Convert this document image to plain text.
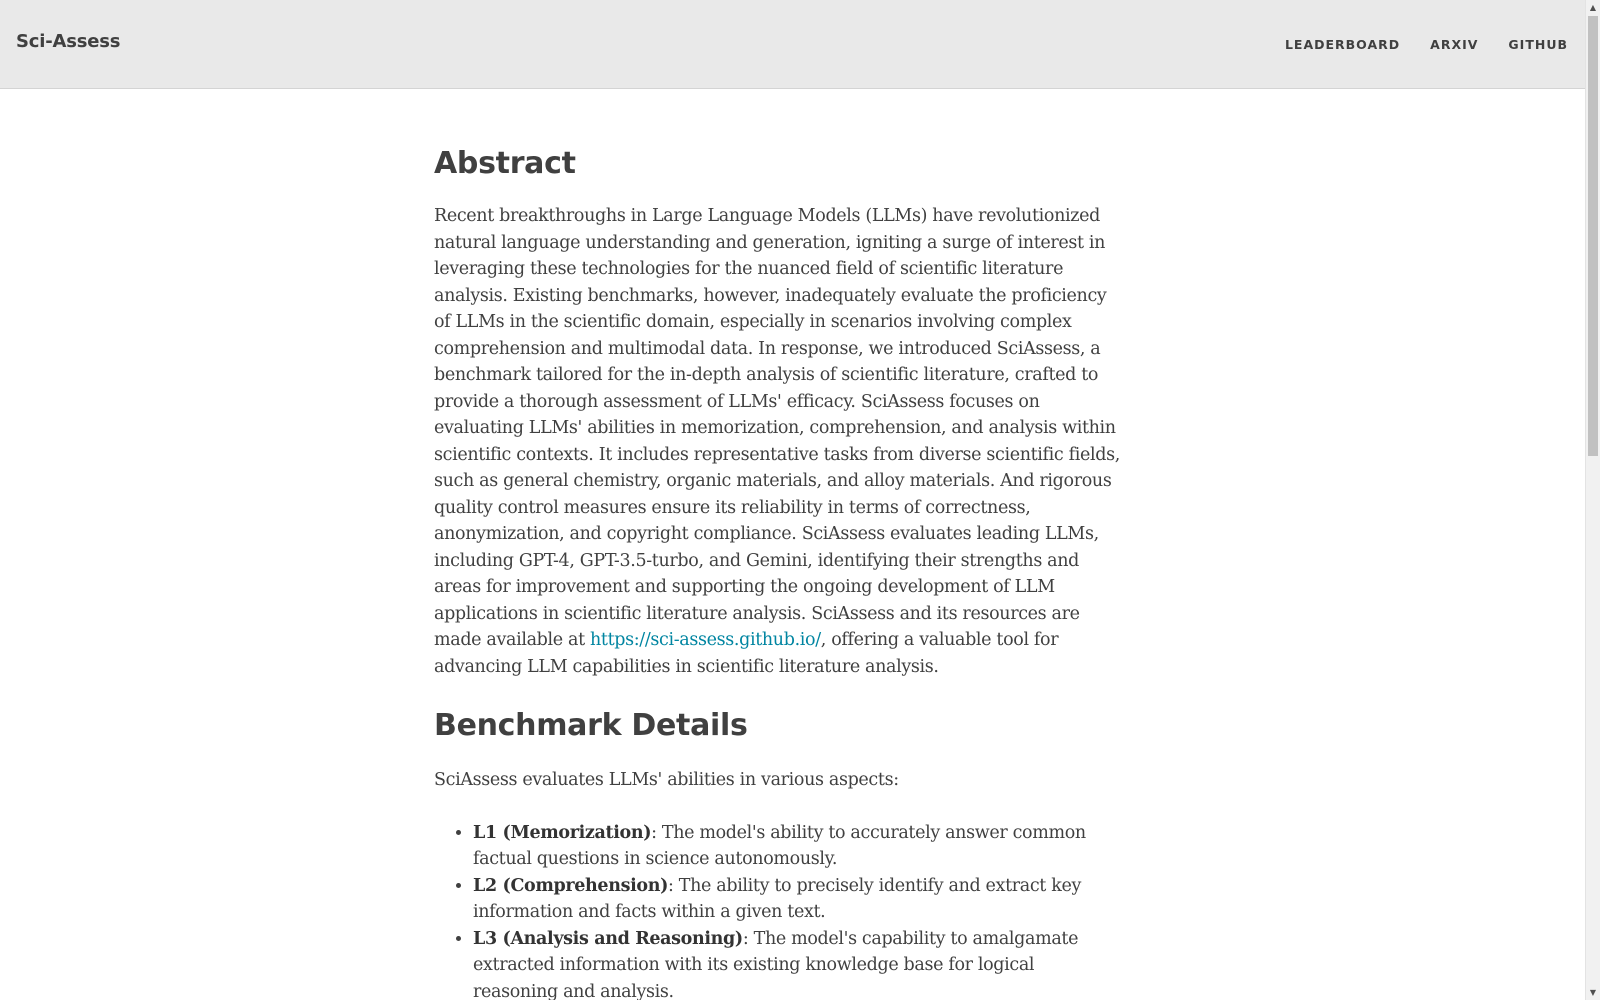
Sci-Assess	LEADERBOARD ARXIV GITHUB
Abstract

Recent breakthroughs in Large Language Models (LLMs) have revolutionized natural language understanding and generation, igniting a surge of interest in leveraging these technologies for the nuanced field of scientific literature analysis. Existing benchmarks, however, inadequately evaluate the proficiency of LLMs in the scientific domain, especially in scenarios involving complex comprehension and multimodal data. In response, we introduced SciAssess, a benchmark tailored for the in-depth analysis of scientific literature, crafted to provide a thorough assessment of LLMs' efficacy. SciAssess focuses on evaluating LLMs' abilities in memorization, comprehension, and analysis within scientific contexts. It includes representative tasks from diverse scientific fields, such as general chemistry, organic materials, and alloy materials. And rigorous quality control measures ensure its reliability in terms of correctness, anonymization, and copyright compliance. SciAssess evaluates leading LLMs, including GPT-4, GPT-3.5-turbo, and Gemini, identifying their strengths and areas for improvement and supporting the ongoing development of LLM applications in scientific literature analysis. SciAssess and its resources are made available at https://sci-assess.github.io/, offering a valuable tool for advancing LLM capabilities in scientific literature analysis.

Benchmark Details

SciAssess evaluates LLMs' abilities in various aspects:

• L1 (Memorization): The model's ability to accurately answer common factual questions in science autonomously.
• L2 (Comprehension): The ability to precisely identify and extract key information and facts within a given text.
• L3 (Analysis and Reasoning): The model's capability to amalgamate extracted information with its existing knowledge base for logical reasoning and analysis.
▲
▼
